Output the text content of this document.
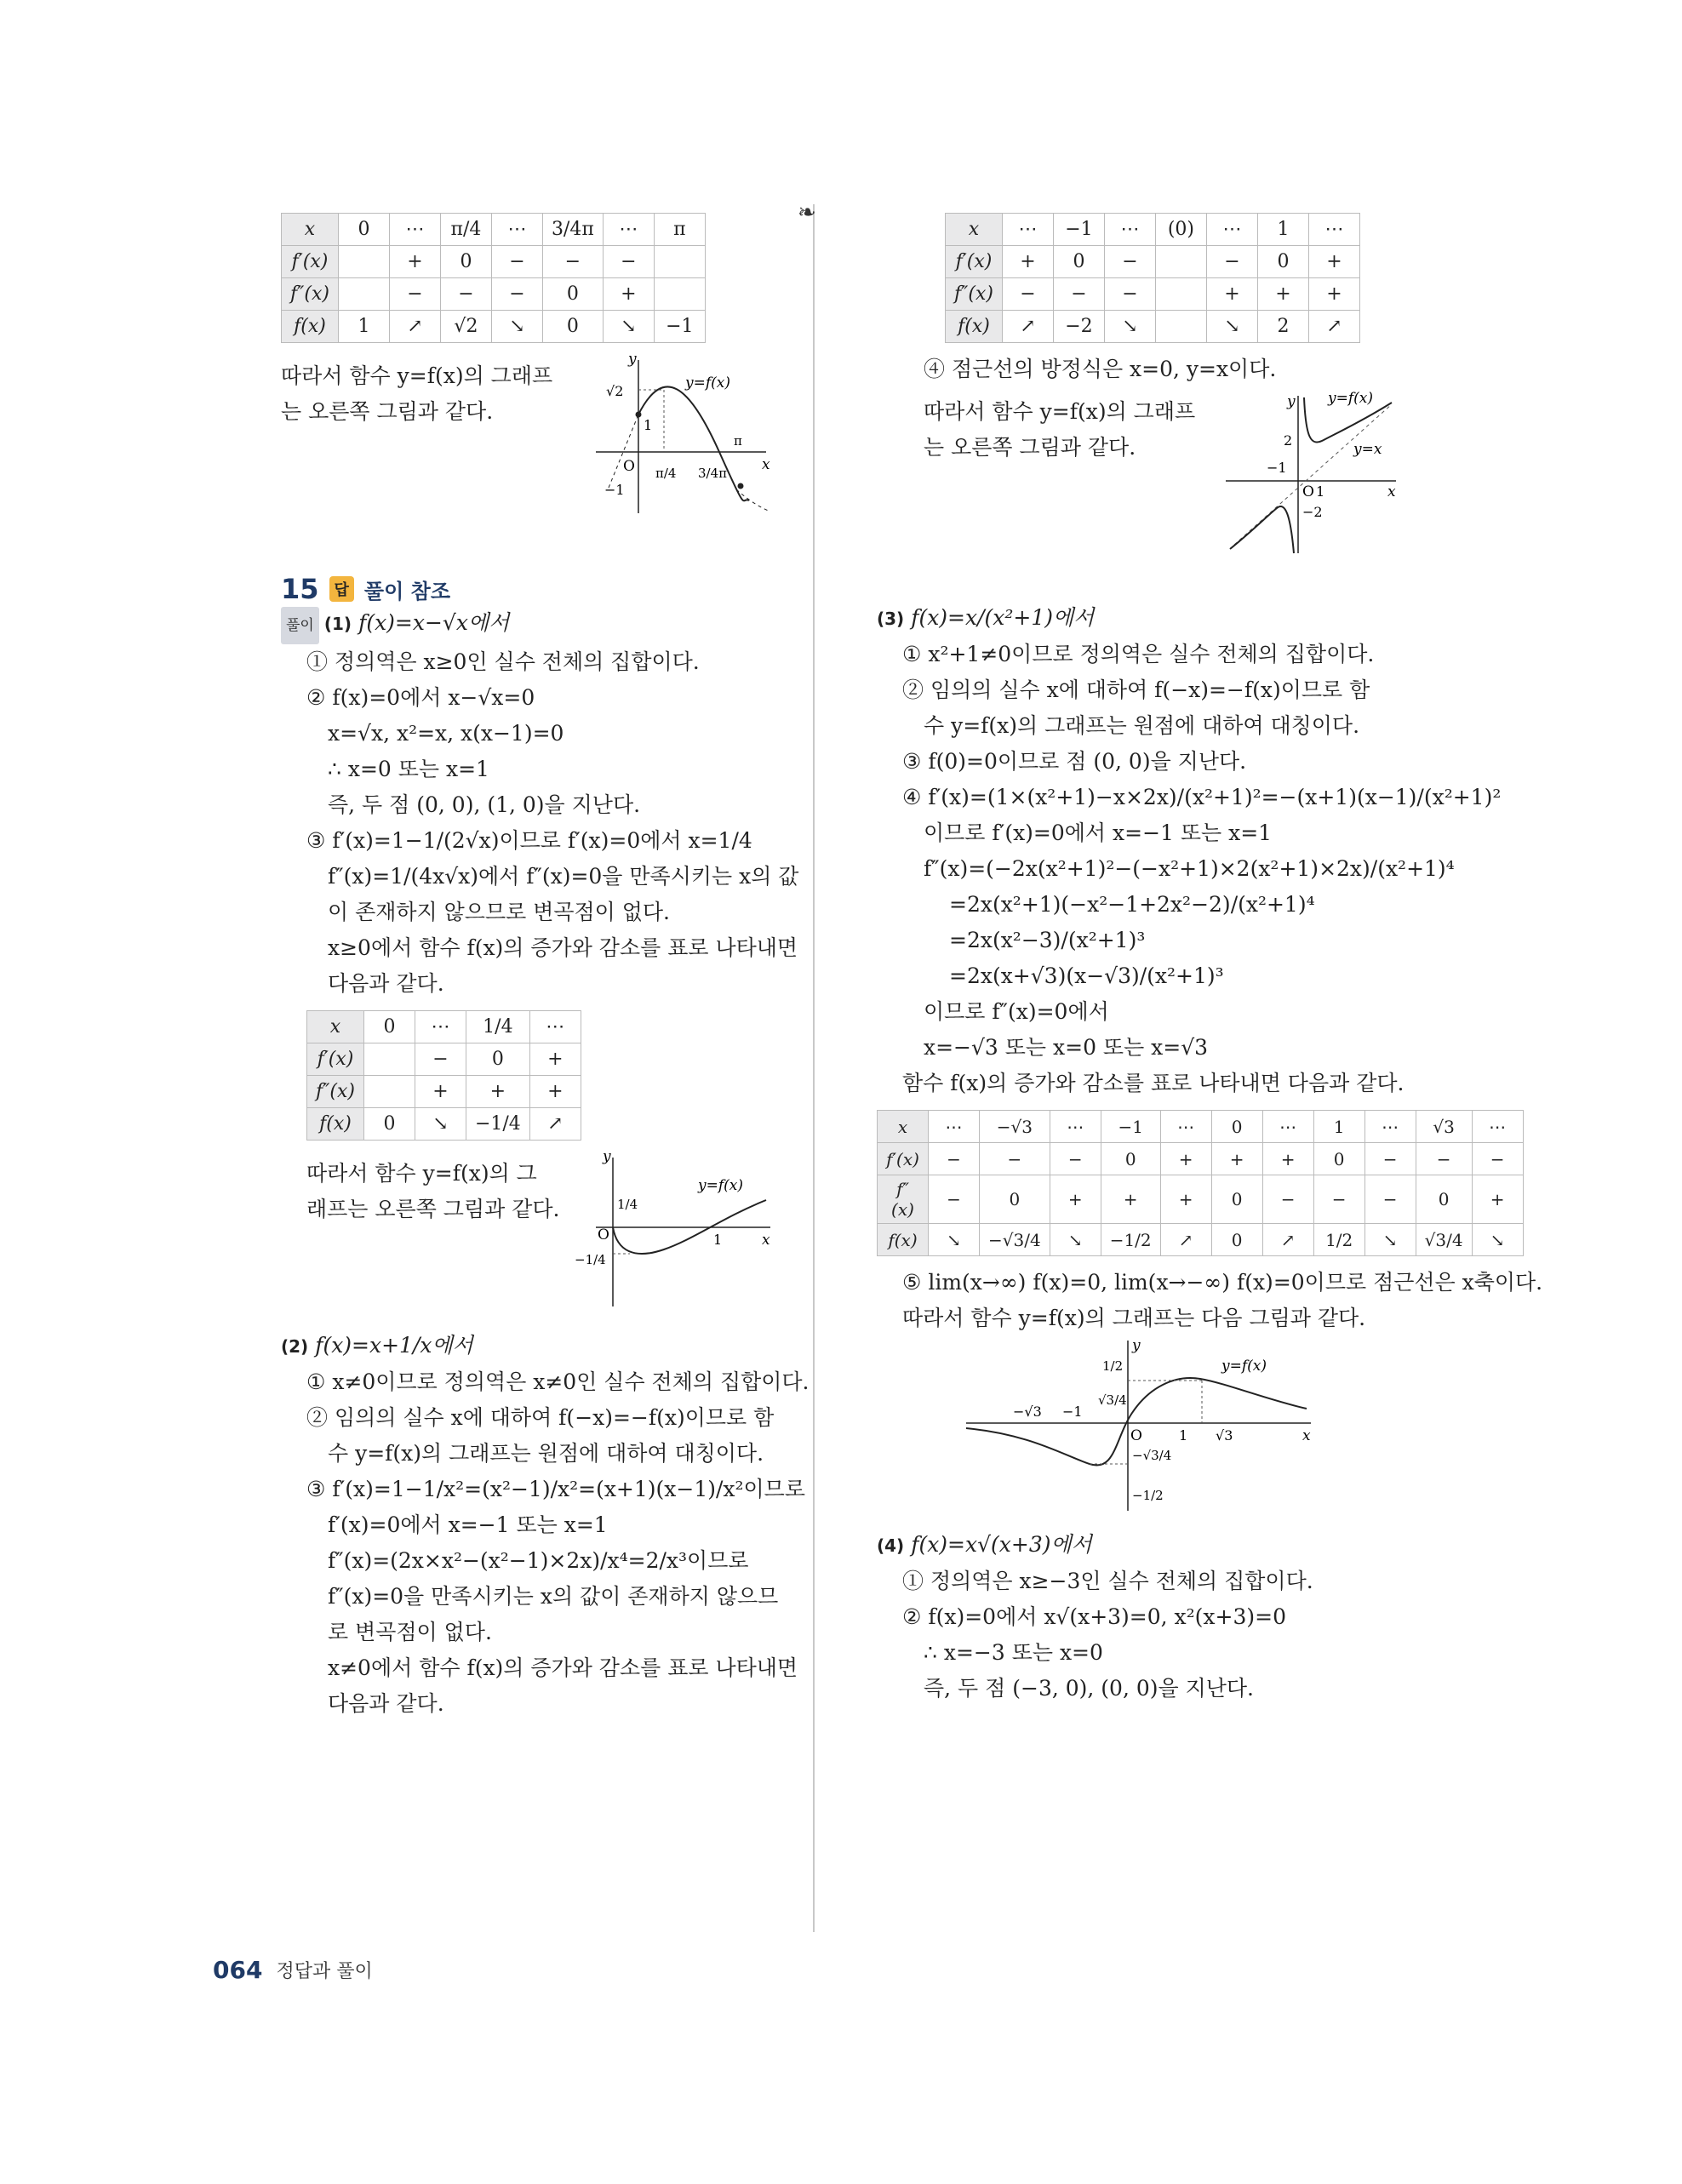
❧
x	0	⋯	π/4	⋯	3/4π	⋯	π
f′(x)		+	0	−	−	−	
f″(x)		−	−	−	0	+	
f(x)	1	↗	√2	↘	0	↘	−1
따라서 함수 y=f(x)의 그래프
는 오른쪽 그림과 같다.
y
x
O
√2
1
−1
π/4 3/4π
π
y=f(x)
15	답 풀이 참조
풀이 (1) f(x)=x−√x에서
① 정의역은 x≥0인 실수 전체의 집합이다.
② f(x)=0에서 x−√x=0
x=√x, x²=x, x(x−1)=0
∴ x=0 또는 x=1
즉, 두 점 (0, 0), (1, 0)을 지난다.
③ f′(x)=1−1/(2√x)이므로 f′(x)=0에서 x=1/4
f″(x)=1/(4x√x)에서 f″(x)=0을 만족시키는 x의 값
이 존재하지 않으므로 변곡점이 없다.
x≥0에서 함수 f(x)의 증가와 감소를 표로 나타내면
다음과 같다.
x	0	⋯	1/4	⋯
f′(x)		−	0	+
f″(x)		+	+	+
f(x)	0	↘	−1/4	↗
따라서 함수 y=f(x)의 그
래프는 오른쪽 그림과 같다.
y
x
O
1/4
−1/4
1
y=f(x)
(2) f(x)=x+1/x에서
① x≠0이므로 정의역은 x≠0인 실수 전체의 집합이다.
② 임의의 실수 x에 대하여 f(−x)=−f(x)이므로 함
수 y=f(x)의 그래프는 원점에 대하여 대칭이다.
③ f′(x)=1−1/x²=(x²−1)/x²=(x+1)(x−1)/x²이므로
f′(x)=0에서 x=−1 또는 x=1
f″(x)=(2x×x²−(x²−1)×2x)/x⁴=2/x³이므로
f″(x)=0을 만족시키는 x의 값이 존재하지 않으므
로 변곡점이 없다.
x≠0에서 함수 f(x)의 증가와 감소를 표로 나타내면
다음과 같다.
x	⋯	−1	⋯	(0)	⋯	1	⋯
f′(x)	+	0	−		−	0	+
f″(x)	−	−	−		+	+	+
f(x)	↗	−2	↘		↘	2	↗
④ 점근선의 방정식은 x=0, y=x이다.
따라서 함수 y=f(x)의 그래프
는 오른쪽 그림과 같다.
y
x
O 1
2
−1
−2
y=f(x)
y=x
(3) f(x)=x/(x²+1)에서
① x²+1≠0이므로 정의역은 실수 전체의 집합이다.
② 임의의 실수 x에 대하여 f(−x)=−f(x)이므로 함
수 y=f(x)의 그래프는 원점에 대하여 대칭이다.
③ f(0)=0이므로 점 (0, 0)을 지난다.
④ f′(x)=(1×(x²+1)−x×2x)/(x²+1)²=−(x+1)(x−1)/(x²+1)²
이므로 f′(x)=0에서 x=−1 또는 x=1
f″(x)=(−2x(x²+1)²−(−x²+1)×2(x²+1)×2x)/(x²+1)⁴
=2x(x²+1)(−x²−1+2x²−2)/(x²+1)⁴
=2x(x²−3)/(x²+1)³
=2x(x+√3)(x−√3)/(x²+1)³
이므로 f″(x)=0에서
x=−√3 또는 x=0 또는 x=√3
함수 f(x)의 증가와 감소를 표로 나타내면 다음과 같다.
x	⋯	−√3	⋯	−1	⋯	0	⋯	1	⋯	√3	⋯
f′(x)	−	−	−	0	+	+	+	0	−	−	−
f″(x)	−	0	+	+	+	0	−	−	−	0	+
f(x)	↘	−√3/4	↘	−1/2	↗	0	↗	1/2	↘	√3/4	↘
⑤ lim(x→∞) f(x)=0, lim(x→−∞) f(x)=0이므로 점근선은 x축이다.
따라서 함수 y=f(x)의 그래프는 다음 그림과 같다.
y
x
O
1/2
√3/4
−√3/4
−1/2
−√3 −1
1 √3
y=f(x)
(4) f(x)=x√(x+3)에서
① 정의역은 x≥−3인 실수 전체의 집합이다.
② f(x)=0에서 x√(x+3)=0, x²(x+3)=0
∴ x=−3 또는 x=0
즉, 두 점 (−3, 0), (0, 0)을 지난다.
064 정답과 풀이
